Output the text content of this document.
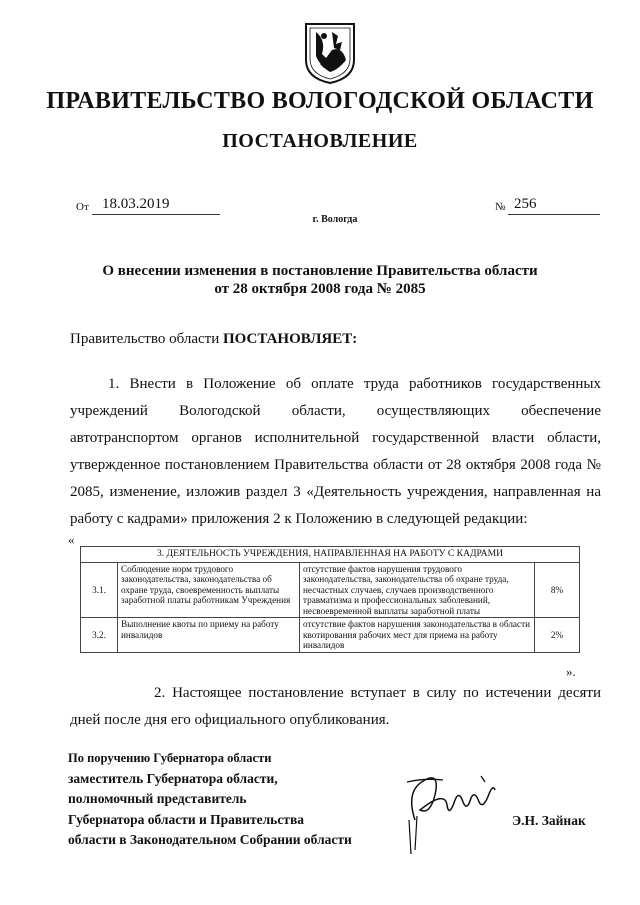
ПРАВИТЕЛЬСТВО ВОЛОГОДСКОЙ ОБЛАСТИ
ПОСТАНОВЛЕНИЕ
От 18.03.2019	№ 256
г. Вологда
О внесении изменения в постановление Правительства области
от 28 октября 2008 года № 2085
Правительство области ПОСТАНОВЛЯЕТ:
1. Внести в Положение об оплате труда работников государственных учреждений Вологодской области, осуществляющих обеспечение автотранспортом органов исполнительной государственной власти области, утвержденное постановлением Правительства области от 28 октября 2008 года № 2085, изменение, изложив раздел 3 «Деятельность учреждения, направленная на работу с кадрами» приложения 2 к Положению в следующей редакции:
«
3. ДЕЯТЕЛЬНОСТЬ УЧРЕЖДЕНИЯ, НАПРАВЛЕННАЯ НА РАБОТУ С КАДРАМИ			
3.1.	Соблюдение норм трудового законодательства, законодательства об охране труда, своевременность выплаты заработной платы работникам Учреждения	отсутствие фактов нарушения трудового законодательства, законодательства об охране труда, несчастных случаев, случаев производственного травматизма и профессиональных заболеваний, несвоевременной выплаты заработной платы	8%
3.2.	Выполнение квоты по приему на работу инвалидов	отсутствие фактов нарушения законодательства в области квотирования рабочих мест для приема на работу инвалидов	2%
».
2. Настоящее постановление вступает в силу по истечении десяти дней после дня его официального опубликования.
По поручению Губернатора области
заместитель Губернатора области,
полномочный представитель
Губернатора области и Правительства
области в Законодательном Собрании области
Э.Н. Зайнак
